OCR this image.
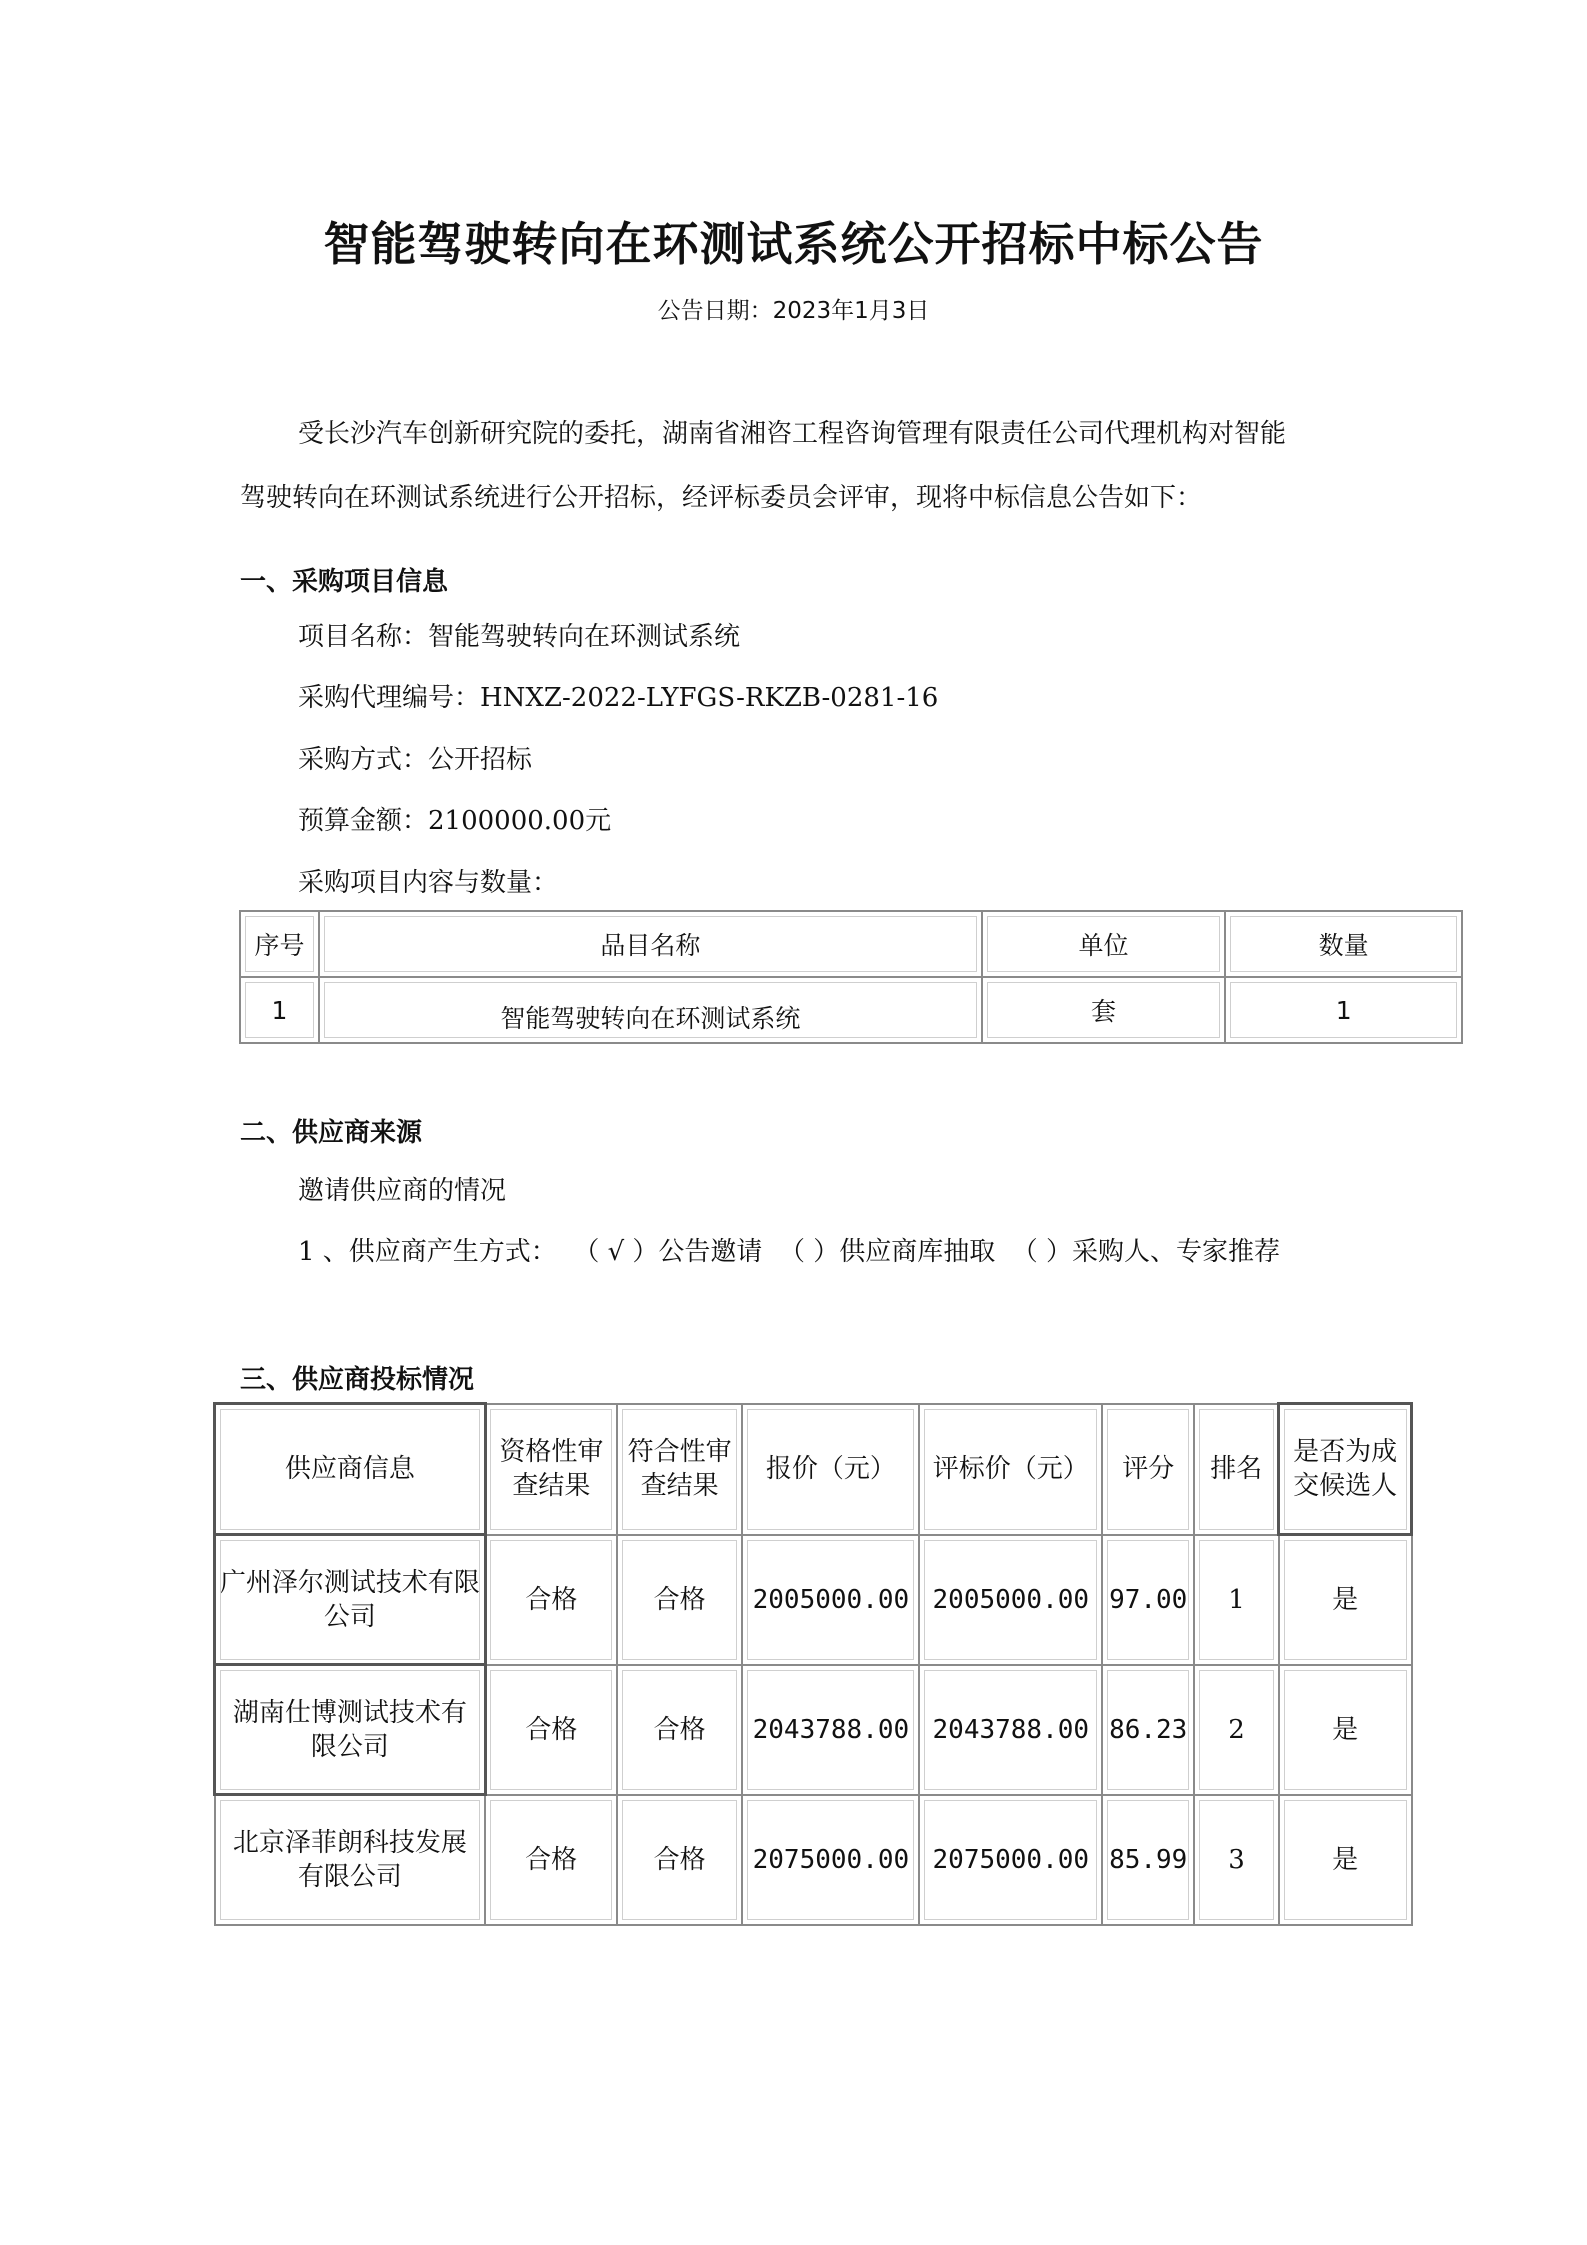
智能驾驶转向在环测试系统公开招标中标公告
公告日期：2023年1月3日
受长沙汽车创新研究院的委托，湖南省湘咨工程咨询管理有限责任公司代理机构对智能
驾驶转向在环测试系统进行公开招标，经评标委员会评审，现将中标信息公告如下：
一、采购项目信息
项目名称：智能驾驶转向在环测试系统
采购代理编号：HNXZ-2022-LYFGS-RKZB-0281-16
采购方式：公开招标
预算金额：2100000.00元
采购项目内容与数量：
序号	品目名称	单位	数量
1	智能驾驶转向在环测试系统	套	1
二、供应商来源
邀请供应商的情况
1 、供应商产生方式：  （ √ ）公告邀请  （ ）供应商库抽取  （ ）采购人、专家推荐
三、供应商投标情况
供应商信息	资格性审查结果	符合性审查结果	报价（元）	评标价（元）	评分	排名	是否为成交候选人
广州泽尔测试技术有限公司	合格	合格	2005000.00	2005000.00	97.00	1	是
湖南仕博测试技术有限公司	合格	合格	2043788.00	2043788.00	86.23	2	是
北京泽菲朗科技发展有限公司	合格	合格	2075000.00	2075000.00	85.99	3	是
